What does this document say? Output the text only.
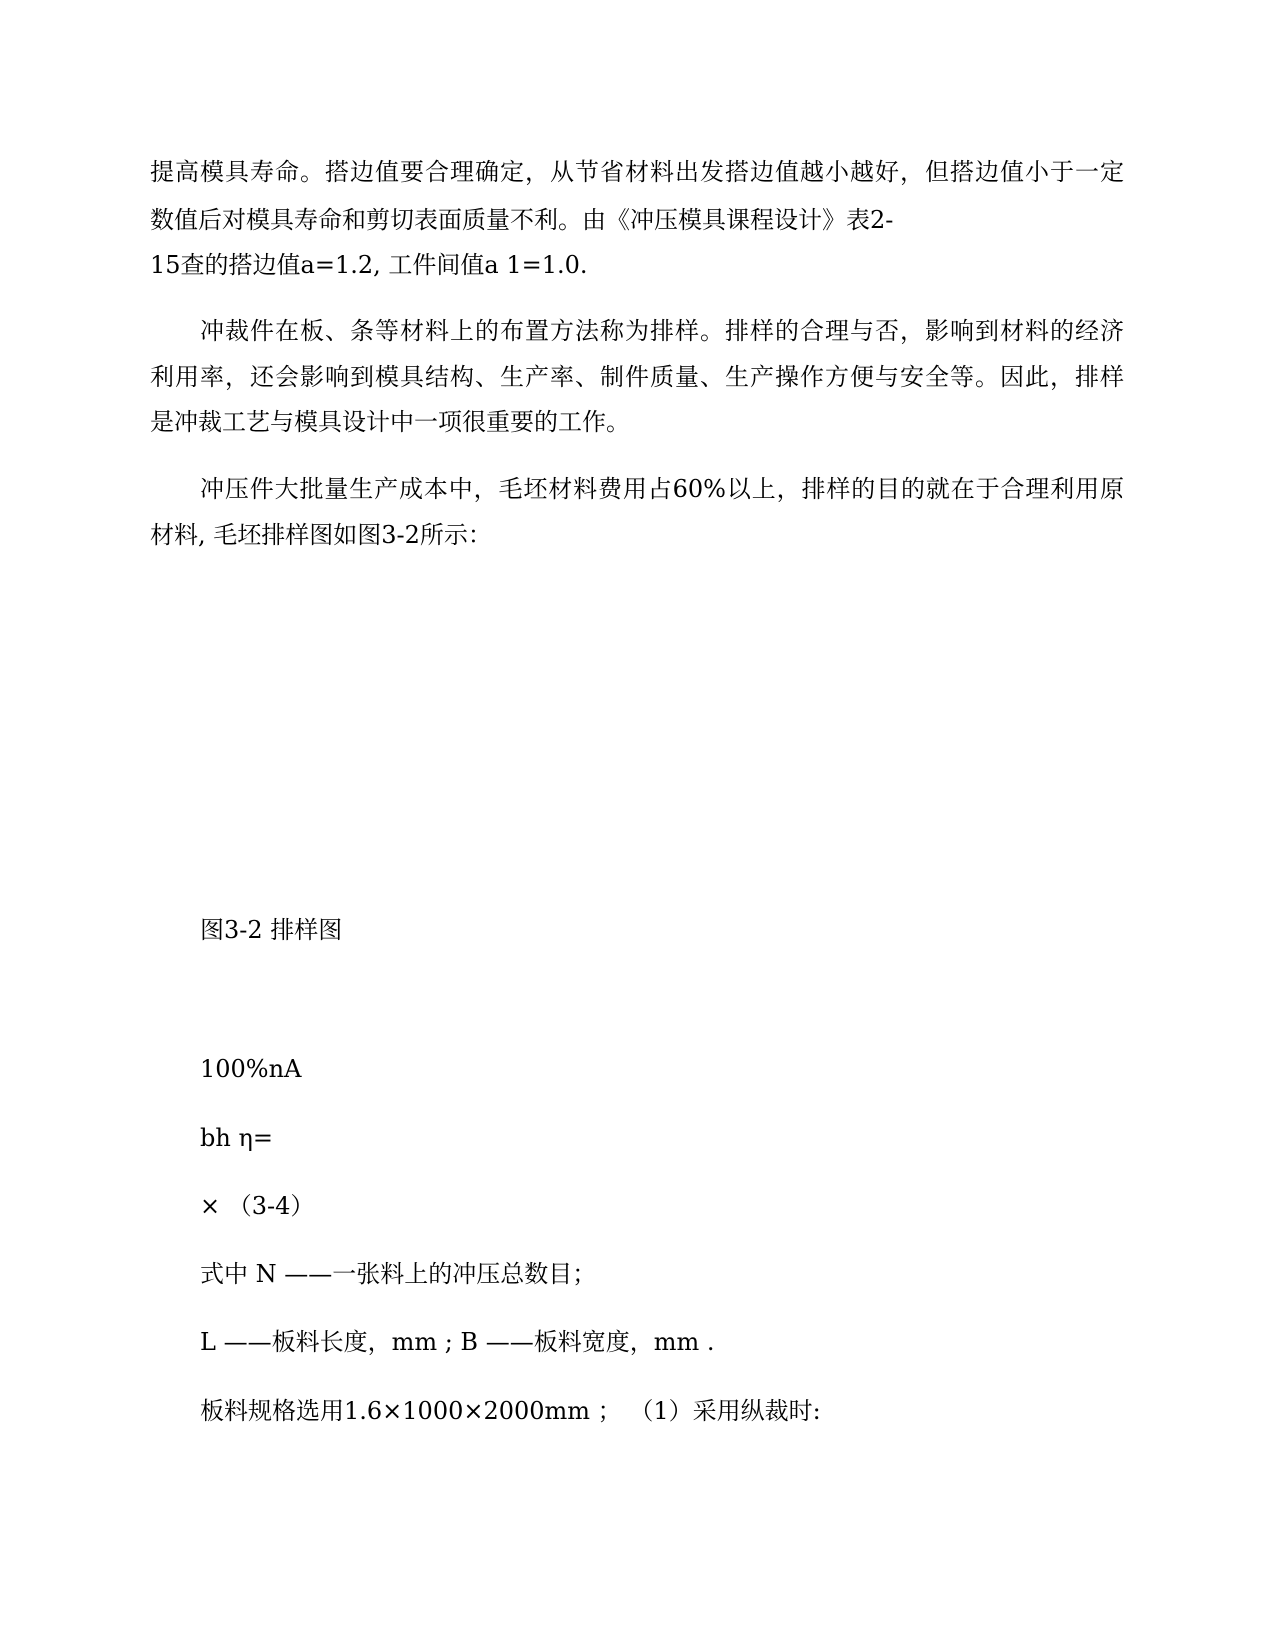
提高模具寿命。搭边值要合理确定，从节省材料出发搭边值越小越好，但搭边值小于一定
数值后对模具寿命和剪切表面质量不利。由《冲压模具课程设计》表2-
15查的搭边值a=1.2, 工件间值a 1=1.0.
冲裁件在板、条等材料上的布置方法称为排样。排样的合理与否，影响到材料的经济
利用率，还会影响到模具结构、生产率、制件质量、生产操作方便与安全等。因此，排样
是冲裁工艺与模具设计中一项很重要的工作。
冲压件大批量生产成本中，毛坯材料费用占60%以上，排样的目的就在于合理利用原
材料, 毛坯排样图如图3-2所示：
图3-2 排样图
100%nA
bh η=
× （3-4）
式中 N ——一张料上的冲压总数目；
L ——板料长度，mm ; B ——板料宽度，mm .
板料规格选用1.6×1000×2000mm ； （1）采用纵裁时:
